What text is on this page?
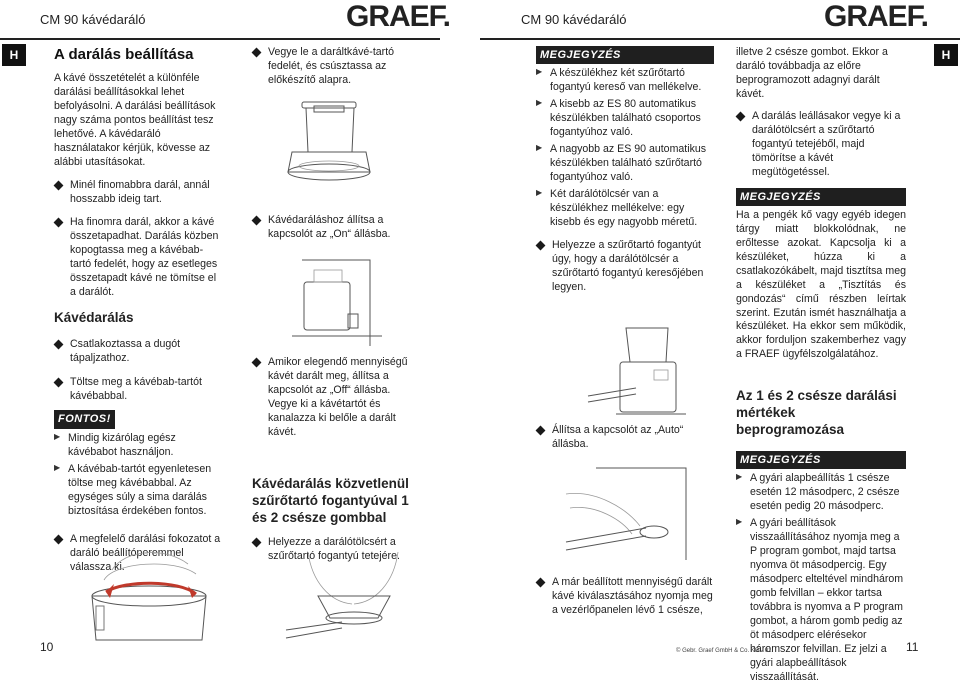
CM 90 kávédaráló	GRAEF.	CM 90 kávédaráló	GRAEF.
H	H
A darálás beállítása
A kávé összetételét a különféle darálási beállításokkal lehet befolyásolni. A darálási beállítások nagy száma pontos beállítást tesz lehetővé. A kávédaráló használatakor kérjük, kövesse az alábbi utasításokat.
Minél finomabbra darál, annál hosszabb ideig tart.
Ha finomra darál, akkor a kávé összetapadhat. Darálás közben kopogtassa meg a kávébab-tartó fedelét, hogy az esetleges összetapadt kávé ne tömítse el a darálót.
Kávédarálás
Csatlakoztassa a dugót tápaljzathoz.
Töltse meg a kávébab-tartót kávébabbal.
FONTOS!
▶ Mindig kizárólag egész kávébabot használjon.
▶ A kávébab-tartót egyenletesen töltse meg kávébabbal. Az egységes súly a sima darálás biztosítása érdekében fontos.
A megfelelő darálási fokozatot a daráló beállítóperemmel válassza ki.
Vegye le a daráltkávé-tartó fedelét, és csúsztassa az előkészítő alapra.
Kávédaráláshoz állítsa a kapcsolót az „On“ állásba.
Amikor elegendő mennyiségű kávét darált meg, állítsa a kapcsolót az „Off“ állásba. Vegye ki a kávétartót és kanalazza ki belőle a darált kávét.
Kávédarálás közvetlenül szűrőtartó fogantyúval 1 és 2 csésze gombbal
Helyezze a darálótölcsért a szűrőtartó fogantyú tetejére.
MEGJEGYZÉS
▶ A készülékhez két szűrőtartó fogantyú kereső van mellékelve.
▶ A kisebb az ES 80 automatikus készülékben található csoportos fogantyúhoz való.
▶ A nagyobb az ES 90 automatikus készülékben található szűrőtartó fogantyúhoz való.
▶ Két darálótölcsér van a készülékhez mellékelve: egy kisebb és egy nagyobb méretű.
Helyezze a szűrőtartó fogantyút úgy, hogy a darálótölcsér a szűrőtartó fogantyú keresőjében legyen.
Állítsa a kapcsolót az „Auto“ állásba.
A már beállított mennyiségű darált kávé kiválasztásához nyomja meg a vezérlőpanelen lévő 1 csésze,
illetve 2 csésze gombot. Ekkor a daráló továbbadja az előre beprogramozott adagnyi darált kávét.
A darálás leállásakor vegye ki a darálótölcsért a szűrőtartó fogantyú tetejéből, majd tömörítse a kávét megütögetéssel.
MEGJEGYZÉS
Ha a pengék kő vagy egyéb idegen tárgy miatt blokkolódnak, ne erőltesse azokat. Kapcsolja ki a készüléket, húzza ki a csatlakozókábelt, majd tisztítsa meg a készüléket a „Tisztítás és gondozás“ című részben leírtak szerint. Ezután ismét használhatja a készüléket. Ha ekkor sem működik, akkor forduljon szakemberhez vagy a FRAEF ügyfélszolgálatához.
Az 1 és 2 csésze darálási mértékek beprogramozása
MEGJEGYZÉS
▶ A gyári alapbeállítás 1 csésze esetén 12 másodperc, 2 csésze esetén pedig 20 másodperc.
▶ A gyári beállítások visszaállításához nyomja meg a P program gombot, majd tartsa nyomva öt másodpercig. Egy másodperc elteltével mindhárom gomb felvillan – ekkor tartsa továbbra is nyomva a P program gombot, a három gomb pedig az öt másodperc elérésekor háromszor felvillan. Ez jelzi a gyári alapbeállítások visszaállítását.
10	11
© Gebr. Graef GmbH & Co. KG - 01
